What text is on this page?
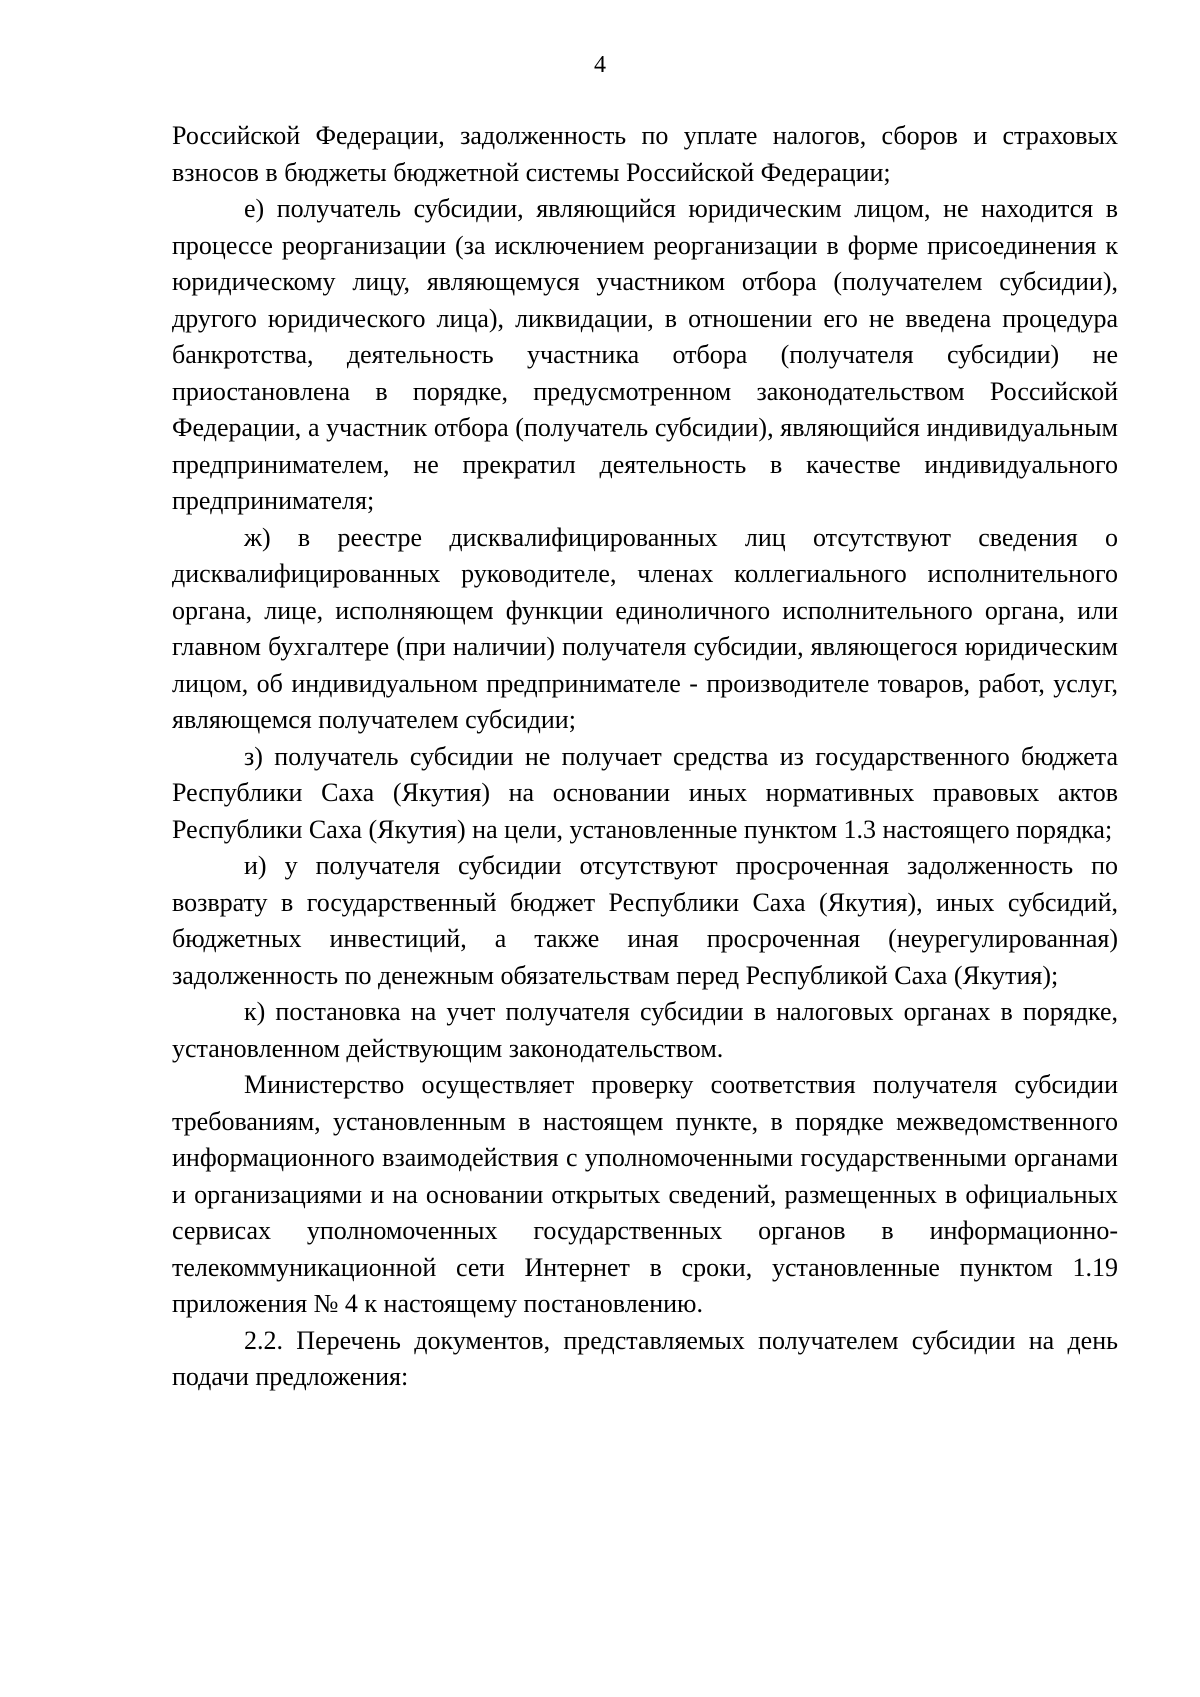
4

Российской Федерации, задолженность по уплате налогов, сборов и страховых взносов в бюджеты бюджетной системы Российской Федерации;

е) получатель субсидии, являющийся юридическим лицом, не находится в процессе реорганизации (за исключением реорганизации в форме присоединения к юридическому лицу, являющемуся участником отбора (получателем субсидии), другого юридического лица), ликвидации, в отношении его не введена процедура банкротства, деятельность участника отбора (получателя субсидии) не приостановлена в порядке, предусмотренном законодательством Российской Федерации, а участник отбора (получатель субсидии), являющийся индивидуальным предпринимателем, не прекратил деятельность в качестве индивидуального предпринимателя;

ж) в реестре дисквалифицированных лиц отсутствуют сведения о дисквалифицированных руководителе, членах коллегиального исполнительного органа, лице, исполняющем функции единоличного исполнительного органа, или главном бухгалтере (при наличии) получателя субсидии, являющегося юридическим лицом, об индивидуальном предпринимателе - производителе товаров, работ, услуг, являющемся получателем субсидии;

з) получатель субсидии не получает средства из государственного бюджета Республики Саха (Якутия) на основании иных нормативных правовых актов Республики Саха (Якутия) на цели, установленные пунктом 1.3 настоящего порядка;

и) у получателя субсидии отсутствуют просроченная задолженность по возврату в государственный бюджет Республики Саха (Якутия), иных субсидий, бюджетных инвестиций, а также иная просроченная (неурегулированная) задолженность по денежным обязательствам перед Республикой Саха (Якутия);

к) постановка на учет получателя субсидии в налоговых органах в порядке, установленном действующим законодательством.

Министерство осуществляет проверку соответствия получателя субсидии требованиям, установленным в настоящем пункте, в порядке межведомственного информационного взаимодействия с уполномоченными государственными органами и организациями и на основании открытых сведений, размещенных в официальных сервисах уполномоченных государственных органов в информационно-телекоммуникационной сети Интернет в сроки, установленные пунктом 1.19 приложения № 4 к настоящему постановлению.

2.2. Перечень документов, представляемых получателем субсидии на день подачи предложения:
